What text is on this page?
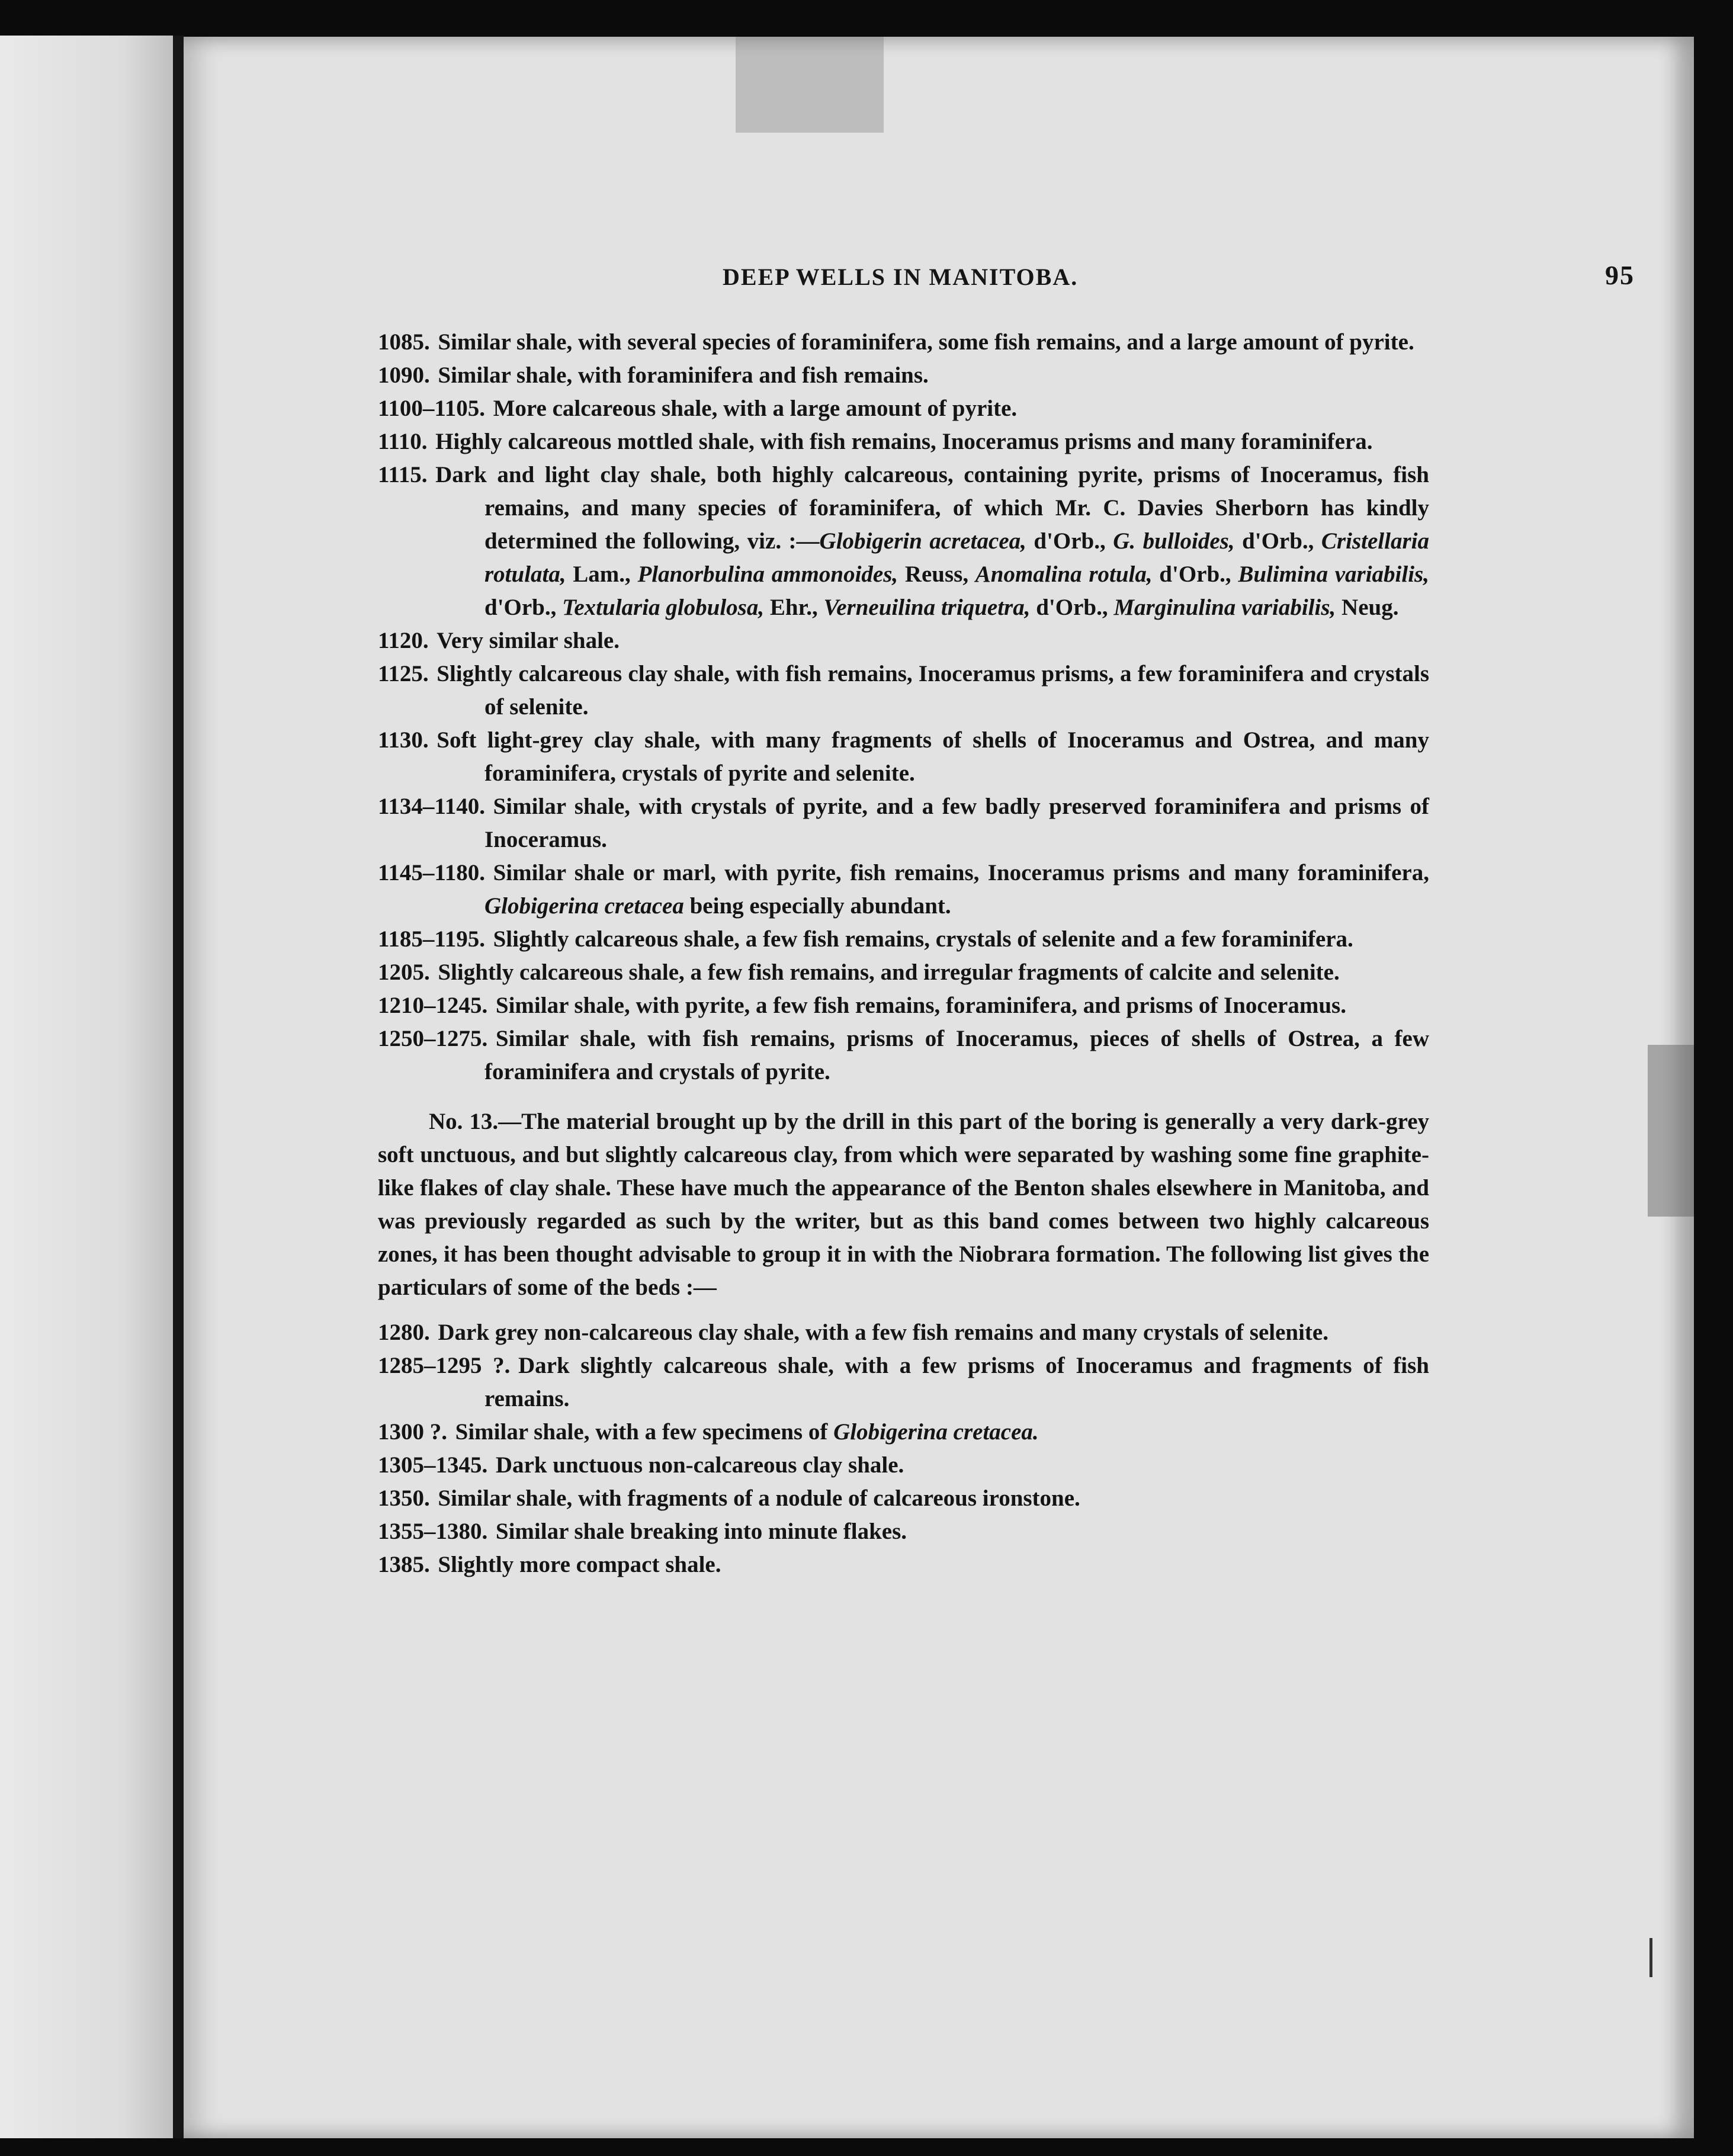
DEEP WELLS IN MANITOBA.	95

1085. Similar shale, with several species of foraminifera, some fish remains, and a large amount of pyrite.

1090. Similar shale, with foraminifera and fish remains.

1100–1105. More calcareous shale, with a large amount of pyrite.

1110. Highly calcareous mottled shale, with fish remains, Inoceramus prisms and many foraminifera.

1115. Dark and light clay shale, both highly calcareous, containing pyrite, prisms of Inoceramus, fish remains, and many species of foraminifera, of which Mr. C. Davies Sherborn has kindly determined the following, viz. :—Globigerin acretacea, d'Orb., G. bulloides, d'Orb., Cristellaria rotulata, Lam., Planorbulina ammonoides, Reuss, Anomalina rotula, d'Orb., Bulimina variabilis, d'Orb., Textularia globulosa, Ehr., Verneuilina triquetra, d'Orb., Marginulina variabilis, Neug.

1120. Very similar shale.

1125. Slightly calcareous clay shale, with fish remains, Inoceramus prisms, a few foraminifera and crystals of selenite.

1130. Soft light-grey clay shale, with many fragments of shells of Inoceramus and Ostrea, and many foraminifera, crystals of pyrite and selenite.

1134–1140. Similar shale, with crystals of pyrite, and a few badly preserved foraminifera and prisms of Inoceramus.

1145–1180. Similar shale or marl, with pyrite, fish remains, Inoceramus prisms and many foraminifera, Globigerina cretacea being especially abundant.

1185–1195. Slightly calcareous shale, a few fish remains, crystals of selenite and a few foraminifera.

1205. Slightly calcareous shale, a few fish remains, and irregular fragments of calcite and selenite.

1210–1245. Similar shale, with pyrite, a few fish remains, foraminifera, and prisms of Inoceramus.

1250–1275. Similar shale, with fish remains, prisms of Inoceramus, pieces of shells of Ostrea, a few foraminifera and crystals of pyrite.

No. 13.—The material brought up by the drill in this part of the boring is generally a very dark-grey soft unctuous, and but slightly calcareous clay, from which were separated by washing some fine graphite-like flakes of clay shale. These have much the appearance of the Benton shales elsewhere in Manitoba, and was previously regarded as such by the writer, but as this band comes between two highly calcareous zones, it has been thought advisable to group it in with the Niobrara formation. The following list gives the particulars of some of the beds :—

1280. Dark grey non-calcareous clay shale, with a few fish remains and many crystals of selenite.

1285–1295 ?. Dark slightly calcareous shale, with a few prisms of Inoceramus and fragments of fish remains.

1300 ?. Similar shale, with a few specimens of Globigerina cretacea.

1305–1345. Dark unctuous non-calcareous clay shale.

1350. Similar shale, with fragments of a nodule of calcareous ironstone.

1355–1380. Similar shale breaking into minute flakes.

1385. Slightly more compact shale.
